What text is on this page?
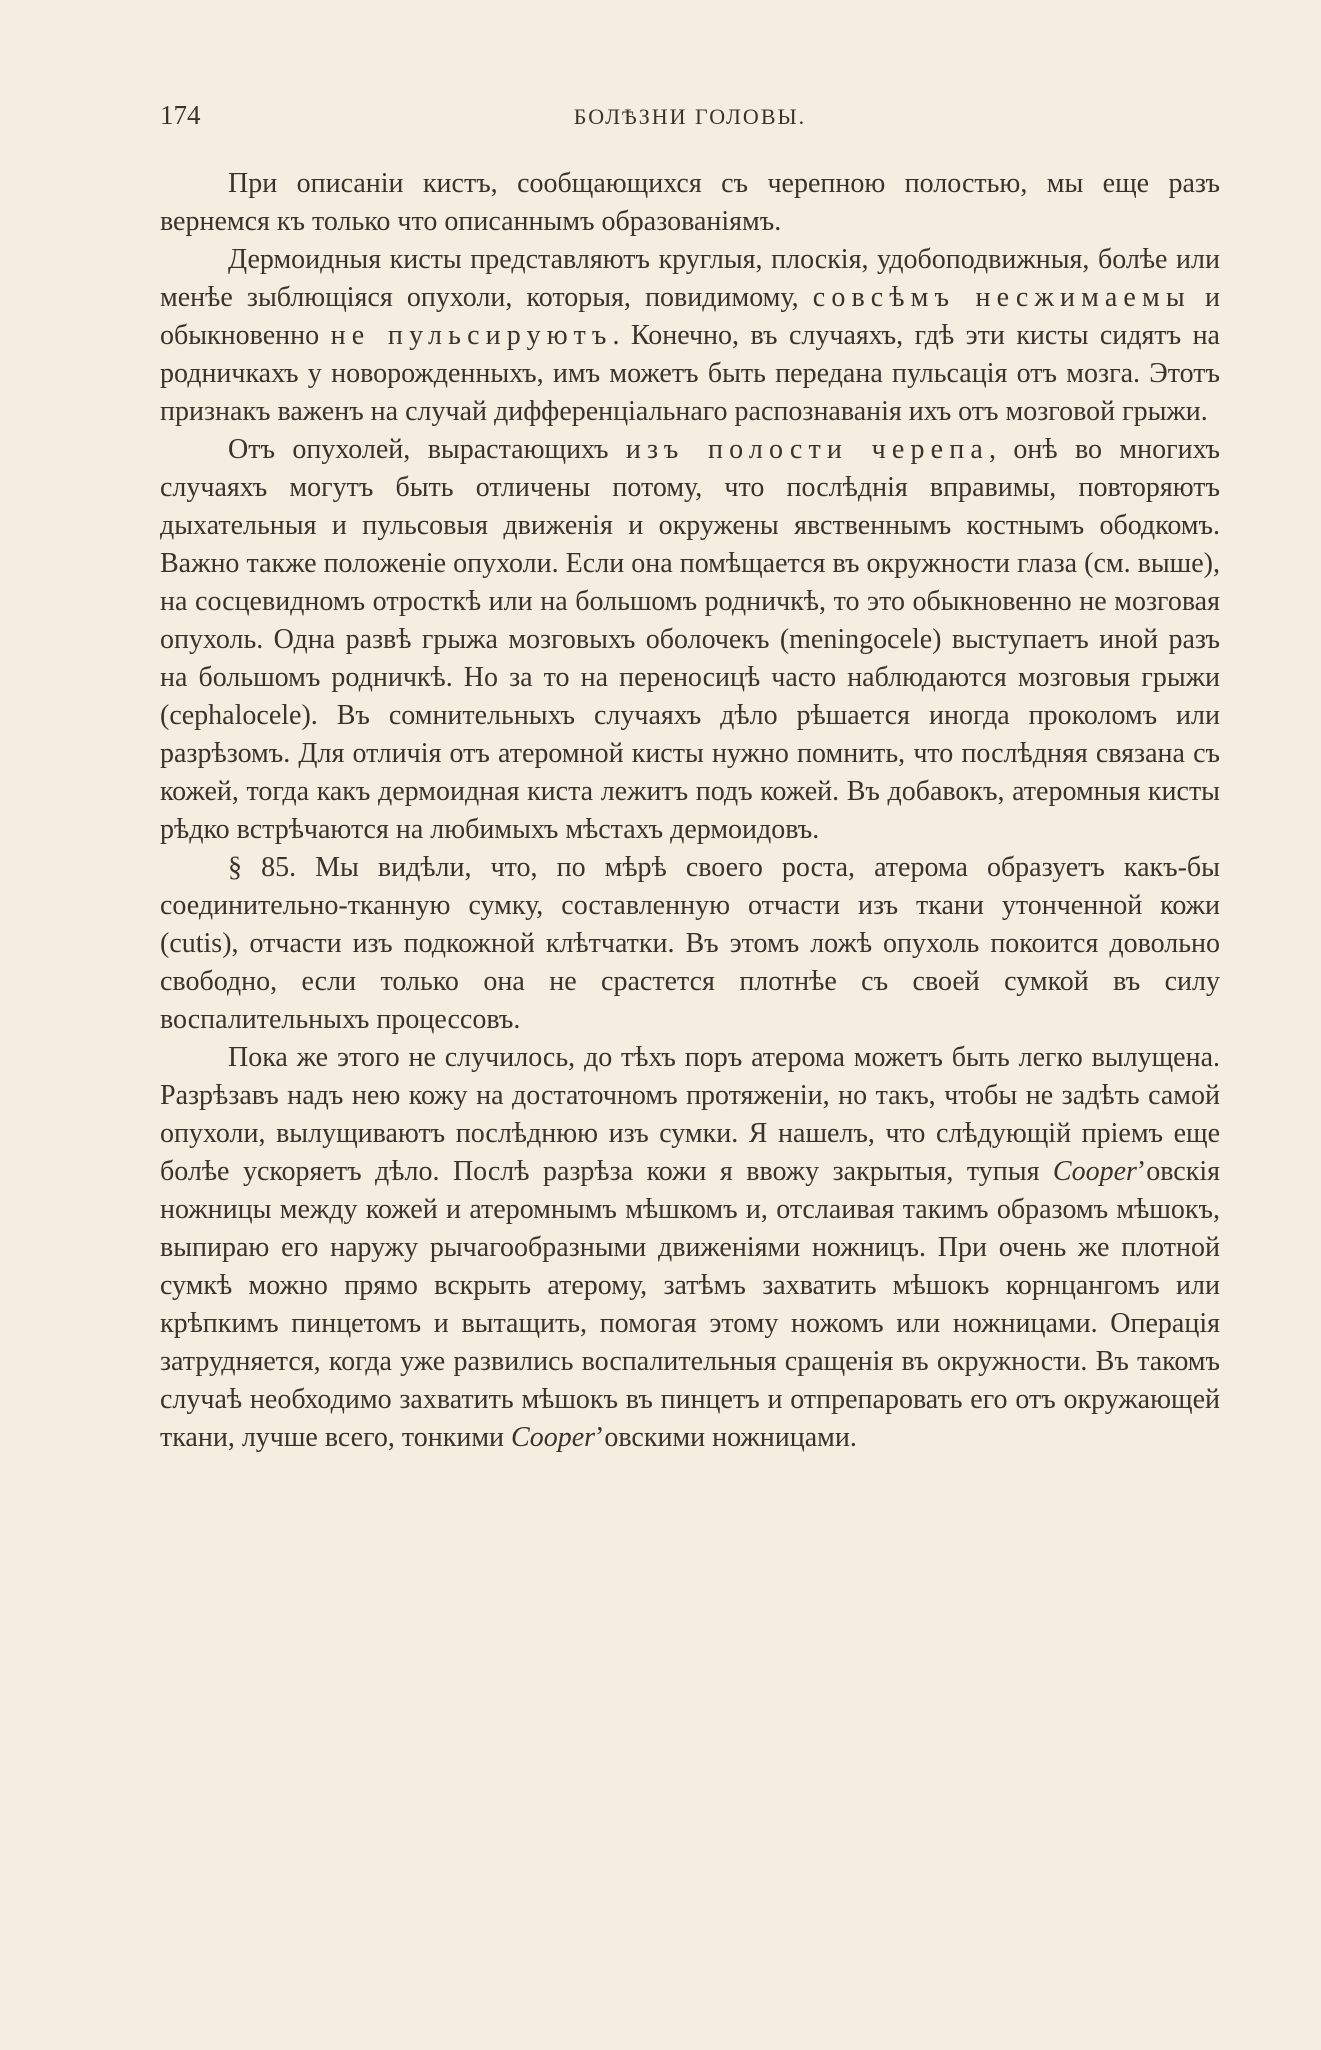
174	БОЛѢЗНИ ГОЛОВЫ.

При описаніи кистъ, сообщающихся съ черепною полостью, мы еще разъ вернемся къ только что описаннымъ образованіямъ.

Дермоидныя кисты представляютъ круглыя, плоскія, удобоподвижныя, болѣе или менѣе зыблющіяся опухоли, которыя, повидимому, совсѣмъ несжимаемы и обыкновенно не пульсируютъ. Конечно, въ случаяхъ, гдѣ эти кисты сидятъ на родничкахъ у новорожденныхъ, имъ можетъ быть передана пульсація отъ мозга. Этотъ признакъ важенъ на случай дифференціальнаго распознаванія ихъ отъ мозговой грыжи.

Отъ опухолей, вырастающихъ изъ полости черепа, онѣ во многихъ случаяхъ могутъ быть отличены потому, что послѣднія вправимы, повторяютъ дыхательныя и пульсовыя движенія и окружены явственнымъ костнымъ ободкомъ. Важно также положеніе опухоли. Если она помѣщается въ окружности глаза (см. выше), на сосцевидномъ отросткѣ или на большомъ родничкѣ, то это обыкновенно не мозговая опухоль. Одна развѣ грыжа мозговыхъ оболочекъ (meningocele) выступаетъ иной разъ на большомъ родничкѣ. Но за то на переносицѣ часто наблюдаются мозговыя грыжи (cephalocele). Въ сомнительныхъ случаяхъ дѣло рѣшается иногда проколомъ или разрѣзомъ. Для отличія отъ атеромной кисты нужно помнить, что послѣдняя связана съ кожей, тогда какъ дермоидная киста лежитъ подъ кожей. Въ добавокъ, атеромныя кисты рѣдко встрѣчаются на любимыхъ мѣстахъ дермоидовъ.

§ 85. Мы видѣли, что, по мѣрѣ своего роста, атерома образуетъ какъ-бы соединительно-тканную сумку, составленную отчасти изъ ткани утонченной кожи (cutis), отчасти изъ подкожной клѣтчатки. Въ этомъ ложѣ опухоль покоится довольно свободно, если только она не срастется плотнѣе съ своей сумкой въ силу воспалительныхъ процессовъ.

Пока же этого не случилось, до тѣхъ поръ атерома можетъ быть легко вылущена. Разрѣзавъ надъ нею кожу на достаточномъ протяженіи, но такъ, чтобы не задѣть самой опухоли, вылущиваютъ послѣднюю изъ сумки. Я нашелъ, что слѣдующій пріемъ еще болѣе ускоряетъ дѣло. Послѣ разрѣза кожи я ввожу закрытыя, тупыя Cooper’овскія ножницы между кожей и атеромнымъ мѣшкомъ и, отслаивая такимъ образомъ мѣшокъ, выпираю его наружу рычагообразными движеніями ножницъ. При очень же плотной сумкѣ можно прямо вскрыть атерому, затѣмъ захватить мѣшокъ корнцангомъ или крѣпкимъ пинцетомъ и вытащить, помогая этому ножомъ или ножницами. Операція затрудняется, когда уже развились воспалительныя сращенія въ окружности. Въ такомъ случаѣ необходимо захватить мѣшокъ въ пинцетъ и отпрепаровать его отъ окружающей ткани, лучше всего, тонкими Cooper’овскими ножницами.
